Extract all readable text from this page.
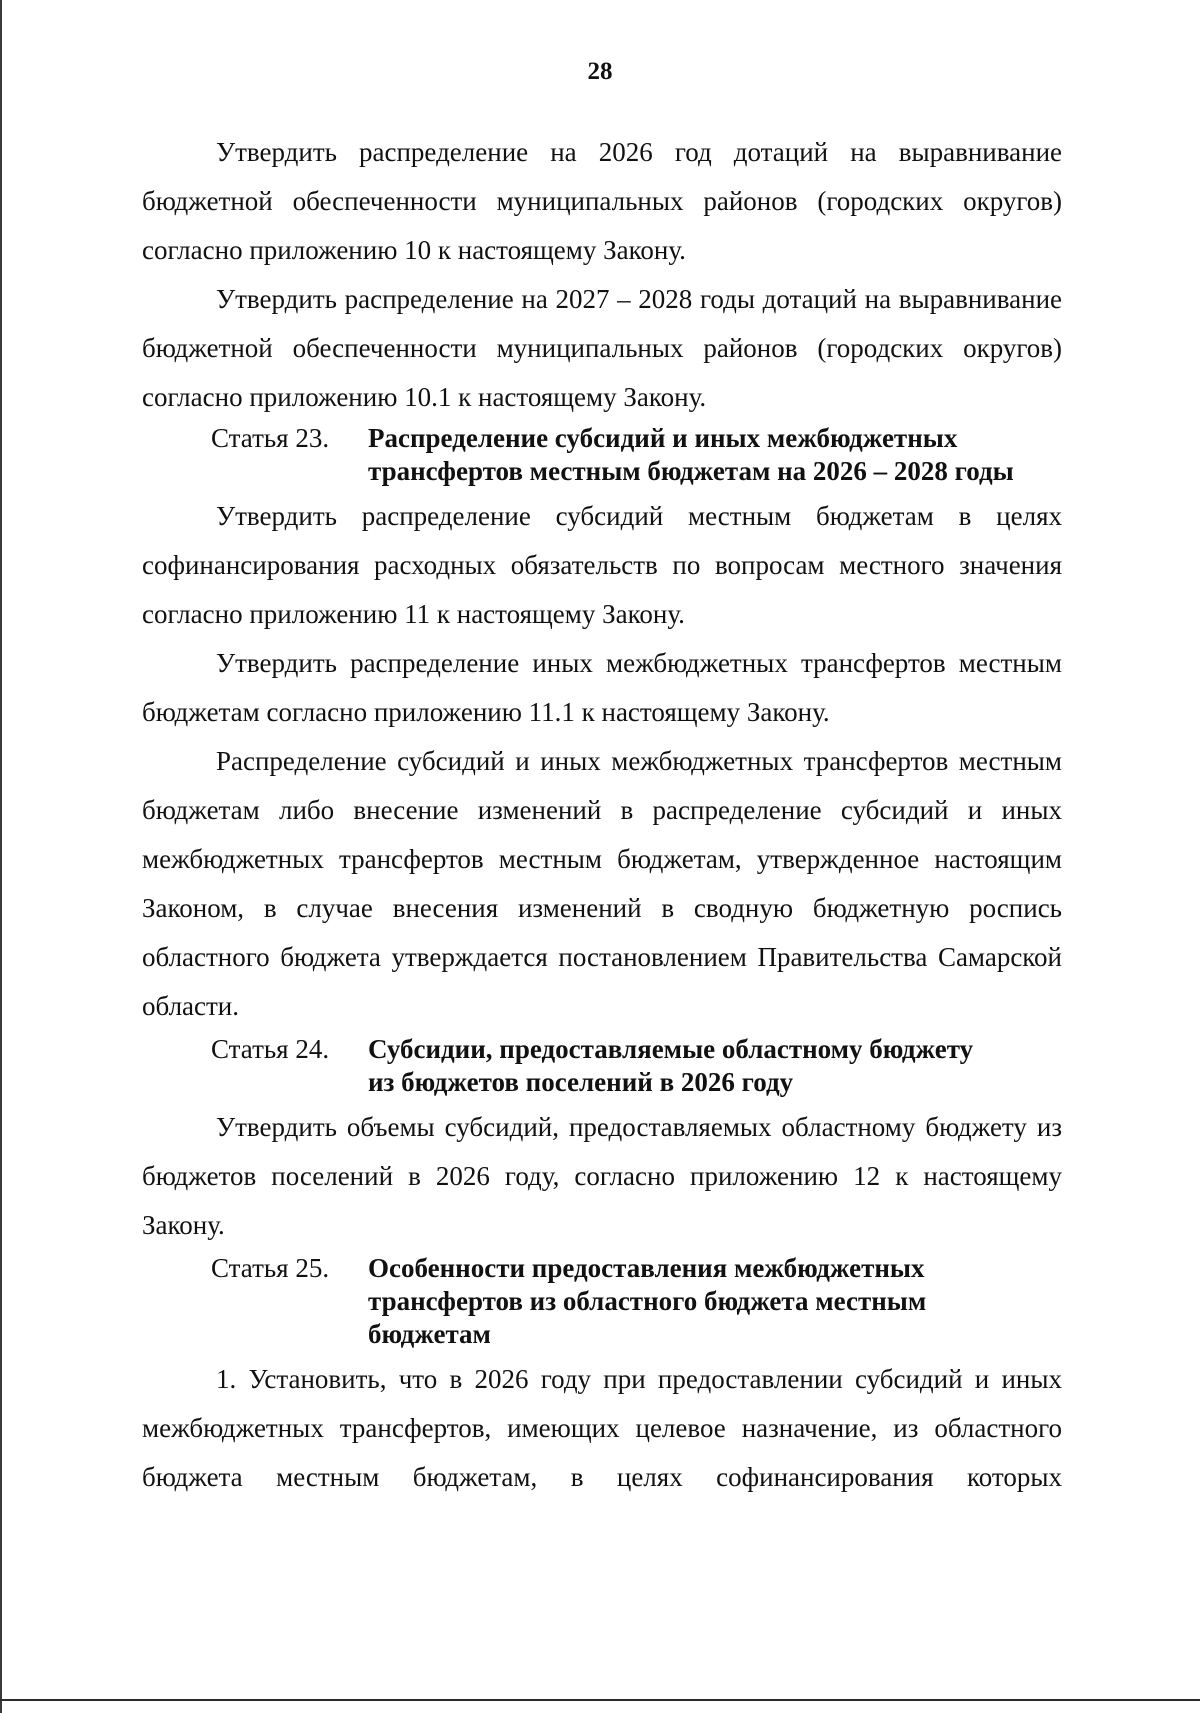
28

Утвердить распределение на 2026 год дотаций на выравнивание бюджетной обеспеченности муниципальных районов (городских округов) согласно приложению 10 к настоящему Закону.

Утвердить распределение на 2027 – 2028 годы дотаций на выравнивание бюджетной обеспеченности муниципальных районов (городских округов) согласно приложению 10.1 к настоящему Закону.

Статья 23.	Распределение субсидий и иных межбюджетных
трансфертов местным бюджетам на 2026 – 2028 годы

Утвердить распределение субсидий местным бюджетам в целях софинансирования расходных обязательств по вопросам местного значения согласно приложению 11 к настоящему Закону.

Утвердить распределение иных межбюджетных трансфертов местным бюджетам согласно приложению 11.1 к настоящему Закону.

Распределение субсидий и иных межбюджетных трансфертов местным бюджетам либо внесение изменений в распределение субсидий и иных межбюджетных трансфертов местным бюджетам, утвержденное настоящим Законом, в случае внесения изменений в сводную бюджетную роспись областного бюджета утверждается постановлением Правительства Самарской области.

Статья 24.	Субсидии, предоставляемые областному бюджету
из бюджетов поселений в 2026 году

Утвердить объемы субсидий, предоставляемых областному бюджету из бюджетов поселений в 2026 году, согласно приложению 12 к настоящему Закону.

Статья 25.	Особенности предоставления межбюджетных
трансфертов из областного бюджета местным
бюджетам

1. Установить, что в 2026 году при предоставлении субсидий и иных межбюджетных трансфертов, имеющих целевое назначение, из областного бюджета местным бюджетам, в целях софинансирования которых
